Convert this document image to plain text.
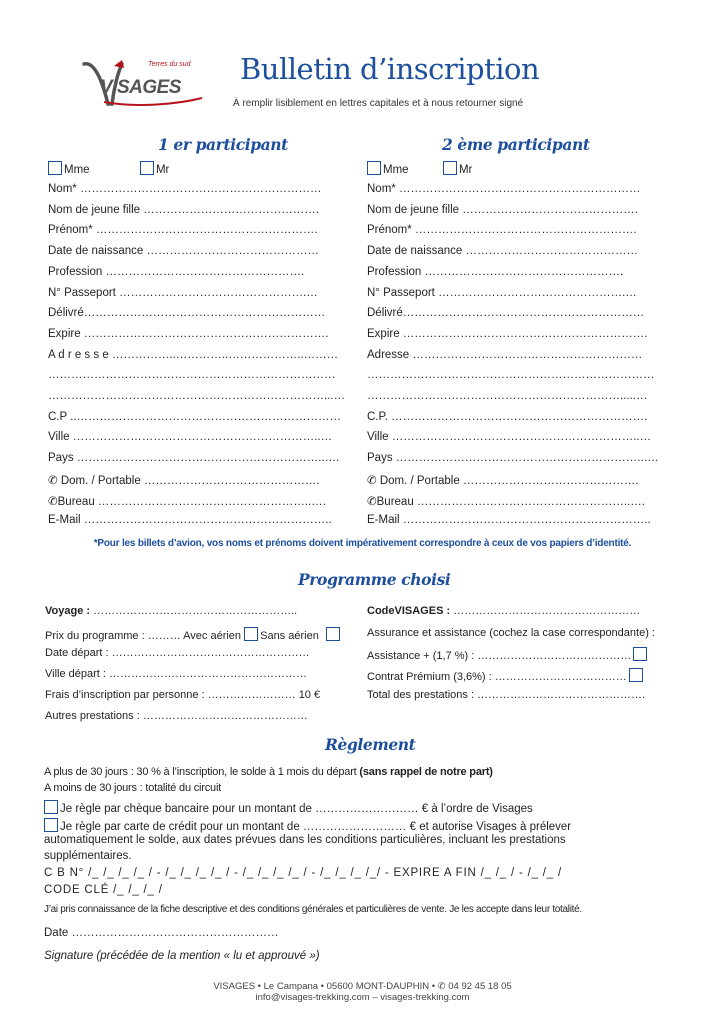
Terres du sud
VISAGES
Bulletin d’inscription
À remplir lisiblement en lettres capitales et à nous retourner signé
1 er participant	2 ème participant
Mme	Mr	Mme	Mr
Nom* ………………………………………………………
Nom de jeune fille ……………………………………….
Prénom* ………………………………………………….
Date de naissance ………………………………………
Profession …………………………………………….
N° Passeport ………………………………………….…
Délivré………………………………………………………
Expire ……………………………………………………….
A d r e s s e ……………..…………..………………..………
…………………………………………………………………
………………………………………………………………...…
C.P ..……………………………………………………………
Ville ………………………………………………………..…
Pays ………………………………………………………..….
✆ Dom. / Portable ……………………………………….
✆Bureau ………………………………………………..….
E-Mail ………………………………………………………..
Nom* ………………………………………………………
Nom de jeune fille ……………………………………….
Prénom* ………………………………………………….
Date de naissance ………………………………………
Profession …………………………………………….
N° Passeport ………………………………………….…
Délivré………………………………………………………
Expire ……………………………………………………….
Adresse ……………………………………………………
…………………………………………………………………
………………………………………………………….....…
C.P. ………………………………………………………….
Ville ………………………………………………………..…
Pays ………………………………………………………..….
✆ Dom. / Portable ……………………………………….
✆Bureau ………………………………………………..….
E-Mail ………………………………………………………..
*Pour les billets d’avion, vos noms et prénoms doivent impérativement correspondre à ceux de vos papiers d’identité.
Programme choisi
Voyage : ………………………………………………..	CodeVISAGES : ……………………………………………
Prix du programme : ……… Avec aérien Sans aérien	Assurance et assistance (cochez la case correspondante) :
Date départ : ………………………………………………	Assistance + (1,7 %) : ……………………………………
Ville départ : ………………………………………………	Contrat Prémium (3,6%) : ………………………………
Frais d’inscription par personne : …………………… 10 €	Total des prestations : ……………………………………….
Autres prestations : ………………………………………
Règlement
A plus de 30 jours : 30 % à l’inscription, le solde à 1 mois du départ (sans rappel de notre part)
A moins de 30 jours : totalité du circuit
Je règle par chèque bancaire pour un montant de ……………………… € à l’ordre de Visages
Je règle par carte de crédit pour un montant de ……………………… € et autorise Visages à prélever
automatiquement le solde, aux dates prévues dans les conditions particulières, incluant les prestations
supplémentaires.
C B N° /_ /_ /_ /_ / - /_ /_ /_ /_ / - /_ /_ /_ /_ / - /_ /_ /_ /_/ - EXPIRE A FIN /_ /_ / - /_ /_ /
CODE CLÉ /_ /_ /_ /
J’ai pris connaissance de la fiche descriptive et des conditions générales et particulières de vente. Je les accepte dans leur totalité.
Date ………………………………………………
Signature (précédée de la mention « lu et approuvé »)
VISAGES • Le Campana • 05600 MONT-DAUPHIN • ✆ 04 92 45 18 05
info@visages-trekking.com – visages-trekking.com
